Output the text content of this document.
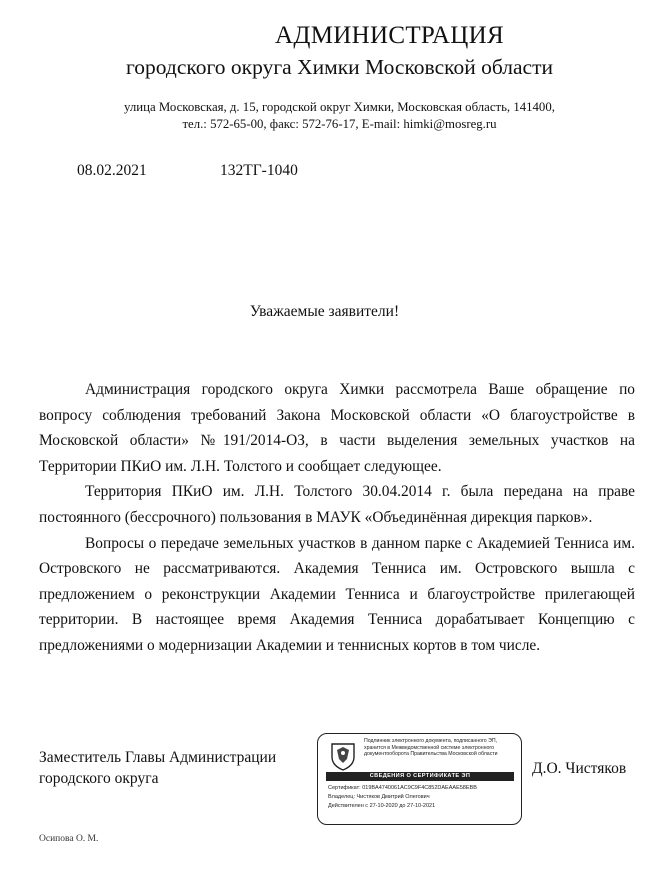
АДМИНИСТРАЦИЯ
городского округа Химки Московской области
улица Московская, д. 15, городской округ Химки, Московская область, 141400,
тел.: 572-65-00, факс: 572-76-17, E-mail: himki@mosreg.ru
08.02.2021	132ТГ-1040
Уважаемые заявители!

Администрация городского округа Химки рассмотрела Ваше обращение по вопросу соблюдения требований Закона Московской области «О благоустройстве в Московской области» №191/2014-ОЗ, в части выделения земельных участков на Территории ПКиО им. Л.Н. Толстого и сообщает следующее.

Территория ПКиО им. Л.Н. Толстого 30.04.2014 г. была передана на праве постоянного (бессрочного) пользования в МАУК «Объединённая дирекция парков».

Вопросы о передаче земельных участков в данном парке с Академией Тенниса им. Островского не рассматриваются. Академия Тенниса им. Островского вышла с предложением о реконструкции Академии Тенниса и благоустройстве прилегающей территории. В настоящее время Академия Тенниса дорабатывает Концепцию с предложениями о модернизации Академии и теннисных кортов в том числе.

Заместитель Главы Администрации
городского округа
Подлинник электронного документа, подписанного ЭП, хранится в Межведомственной системе электронного документооборота Правительства Московской области
СВЕДЕНИЯ О СЕРТИФИКАТЕ ЭП
Сертификат: 019BA4740061AC9C9F4C852DAEAAE58EBB
Владелец: Чистяков Дмитрий Олегович
Действителен с 27-10-2020 до 27-10-2021
Д.О. Чистяков
Осипова О. М.
